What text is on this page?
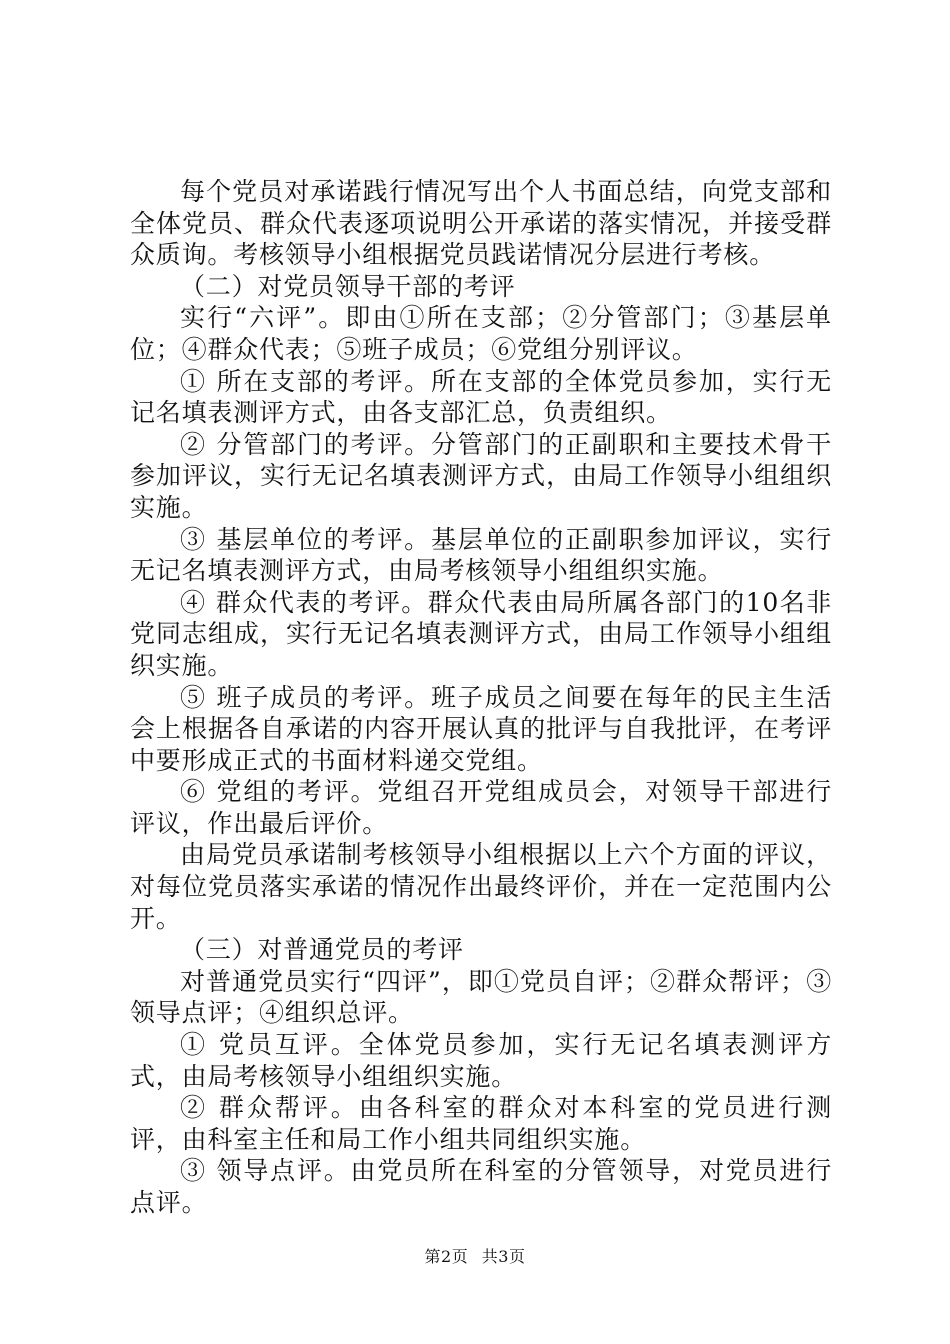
每个党员对承诺践行情况写出个人书面总结，向党支部和全体党员、群众代表逐项说明公开承诺的落实情况，并接受群众质询。考核领导小组根据党员践诺情况分层进行考核。

（二）对党员领导干部的考评

实行“六评”。即由①所在支部；②分管部门；③基层单位；④群众代表；⑤班子成员；⑥党组分别评议。

① 所在支部的考评。所在支部的全体党员参加，实行无记名填表测评方式，由各支部汇总，负责组织。

② 分管部门的考评。分管部门的正副职和主要技术骨干参加评议，实行无记名填表测评方式，由局工作领导小组组织实施。

③ 基层单位的考评。基层单位的正副职参加评议，实行无记名填表测评方式，由局考核领导小组组织实施。

④ 群众代表的考评。群众代表由局所属各部门的10名非党同志组成，实行无记名填表测评方式，由局工作领导小组组织实施。

⑤ 班子成员的考评。班子成员之间要在每年的民主生活会上根据各自承诺的内容开展认真的批评与自我批评，在考评中要形成正式的书面材料递交党组。

⑥ 党组的考评。党组召开党组成员会，对领导干部进行评议，作出最后评价。

由局党员承诺制考核领导小组根据以上六个方面的评议，对每位党员落实承诺的情况作出最终评价，并在一定范围内公开。

（三）对普通党员的考评

对普通党员实行“四评”，即①党员自评；②群众帮评；③领导点评；④组织总评。

① 党员互评。全体党员参加，实行无记名填表测评方式，由局考核领导小组组织实施。

② 群众帮评。由各科室的群众对本科室的党员进行测评，由科室主任和局工作小组共同组织实施。

③ 领导点评。由党员所在科室的分管领导，对党员进行点评。

第2页 共3页
